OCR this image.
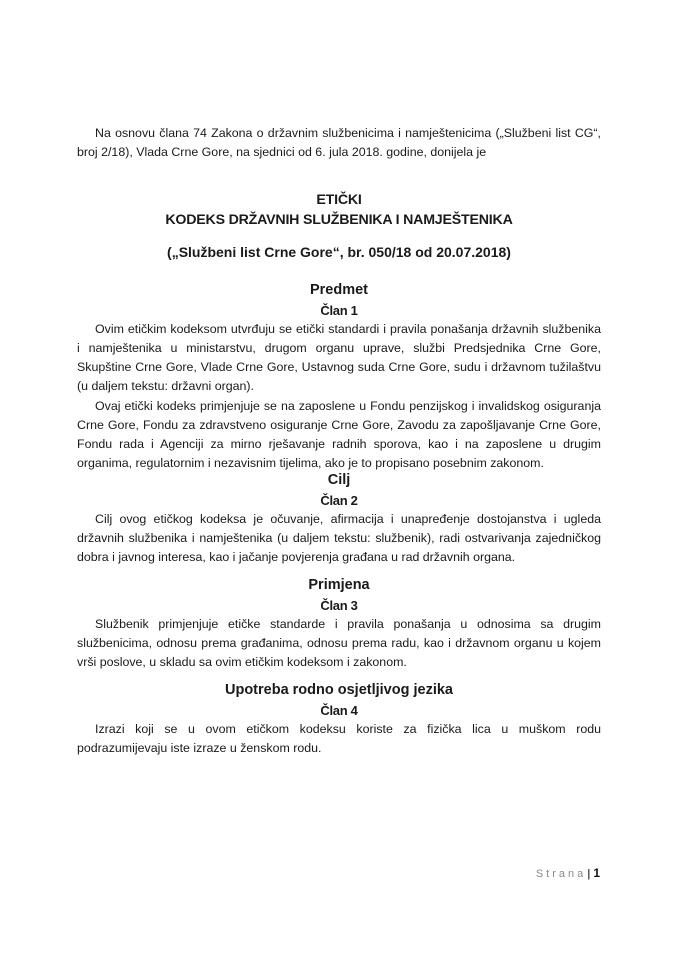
Na osnovu člana 74 Zakona o državnim službenicima i namještenicima („Službeni list CG“, broj 2/18), Vlada Crne Gore, na sjednici od 6. jula 2018. godine, donijela je

ETIČKI
KODEKS DRŽAVNIH SLUŽBENIKA I NAMJEŠTENIKA
(„Službeni list Crne Gore“, br. 050/18 od 20.07.2018)
Predmet
Član 1

Ovim etičkim kodeksom utvrđuju se etički standardi i pravila ponašanja državnih službenika i namještenika u ministarstvu, drugom organu uprave, službi Predsjednika Crne Gore, Skupštine Crne Gore, Vlade Crne Gore, Ustavnog suda Crne Gore, sudu i državnom tužilaštvu (u daljem tekstu: državni organ).

Ovaj etički kodeks primjenjuje se na zaposlene u Fondu penzijskog i invalidskog osiguranja Crne Gore, Fondu za zdravstveno osiguranje Crne Gore, Zavodu za zapošljavanje Crne Gore, Fondu rada i Agenciji za mirno rješavanje radnih sporova, kao i na zaposlene u drugim organima, regulatornim i nezavisnim tijelima, ako je to propisano posebnim zakonom.

Cilj
Član 2

Cilj ovog etičkog kodeksa je očuvanje, afirmacija i unapređenje dostojanstva i ugleda državnih službenika i namještenika (u daljem tekstu: službenik), radi ostvarivanja zajedničkog dobra i javnog interesa, kao i jačanje povjerenja građana u rad državnih organa.

Primjena
Član 3

Službenik primjenjuje etičke standarde i pravila ponašanja u odnosima sa drugim službenicima, odnosu prema građanima, odnosu prema radu, kao i državnom organu u kojem vrši poslove, u skladu sa ovim etičkim kodeksom i zakonom.

Upotreba rodno osjetljivog jezika
Član 4

Izrazi koji se u ovom etičkom kodeksu koriste za fizička lica u muškom rodu podrazumijevaju iste izraze u ženskom rodu.

Strana| 1
